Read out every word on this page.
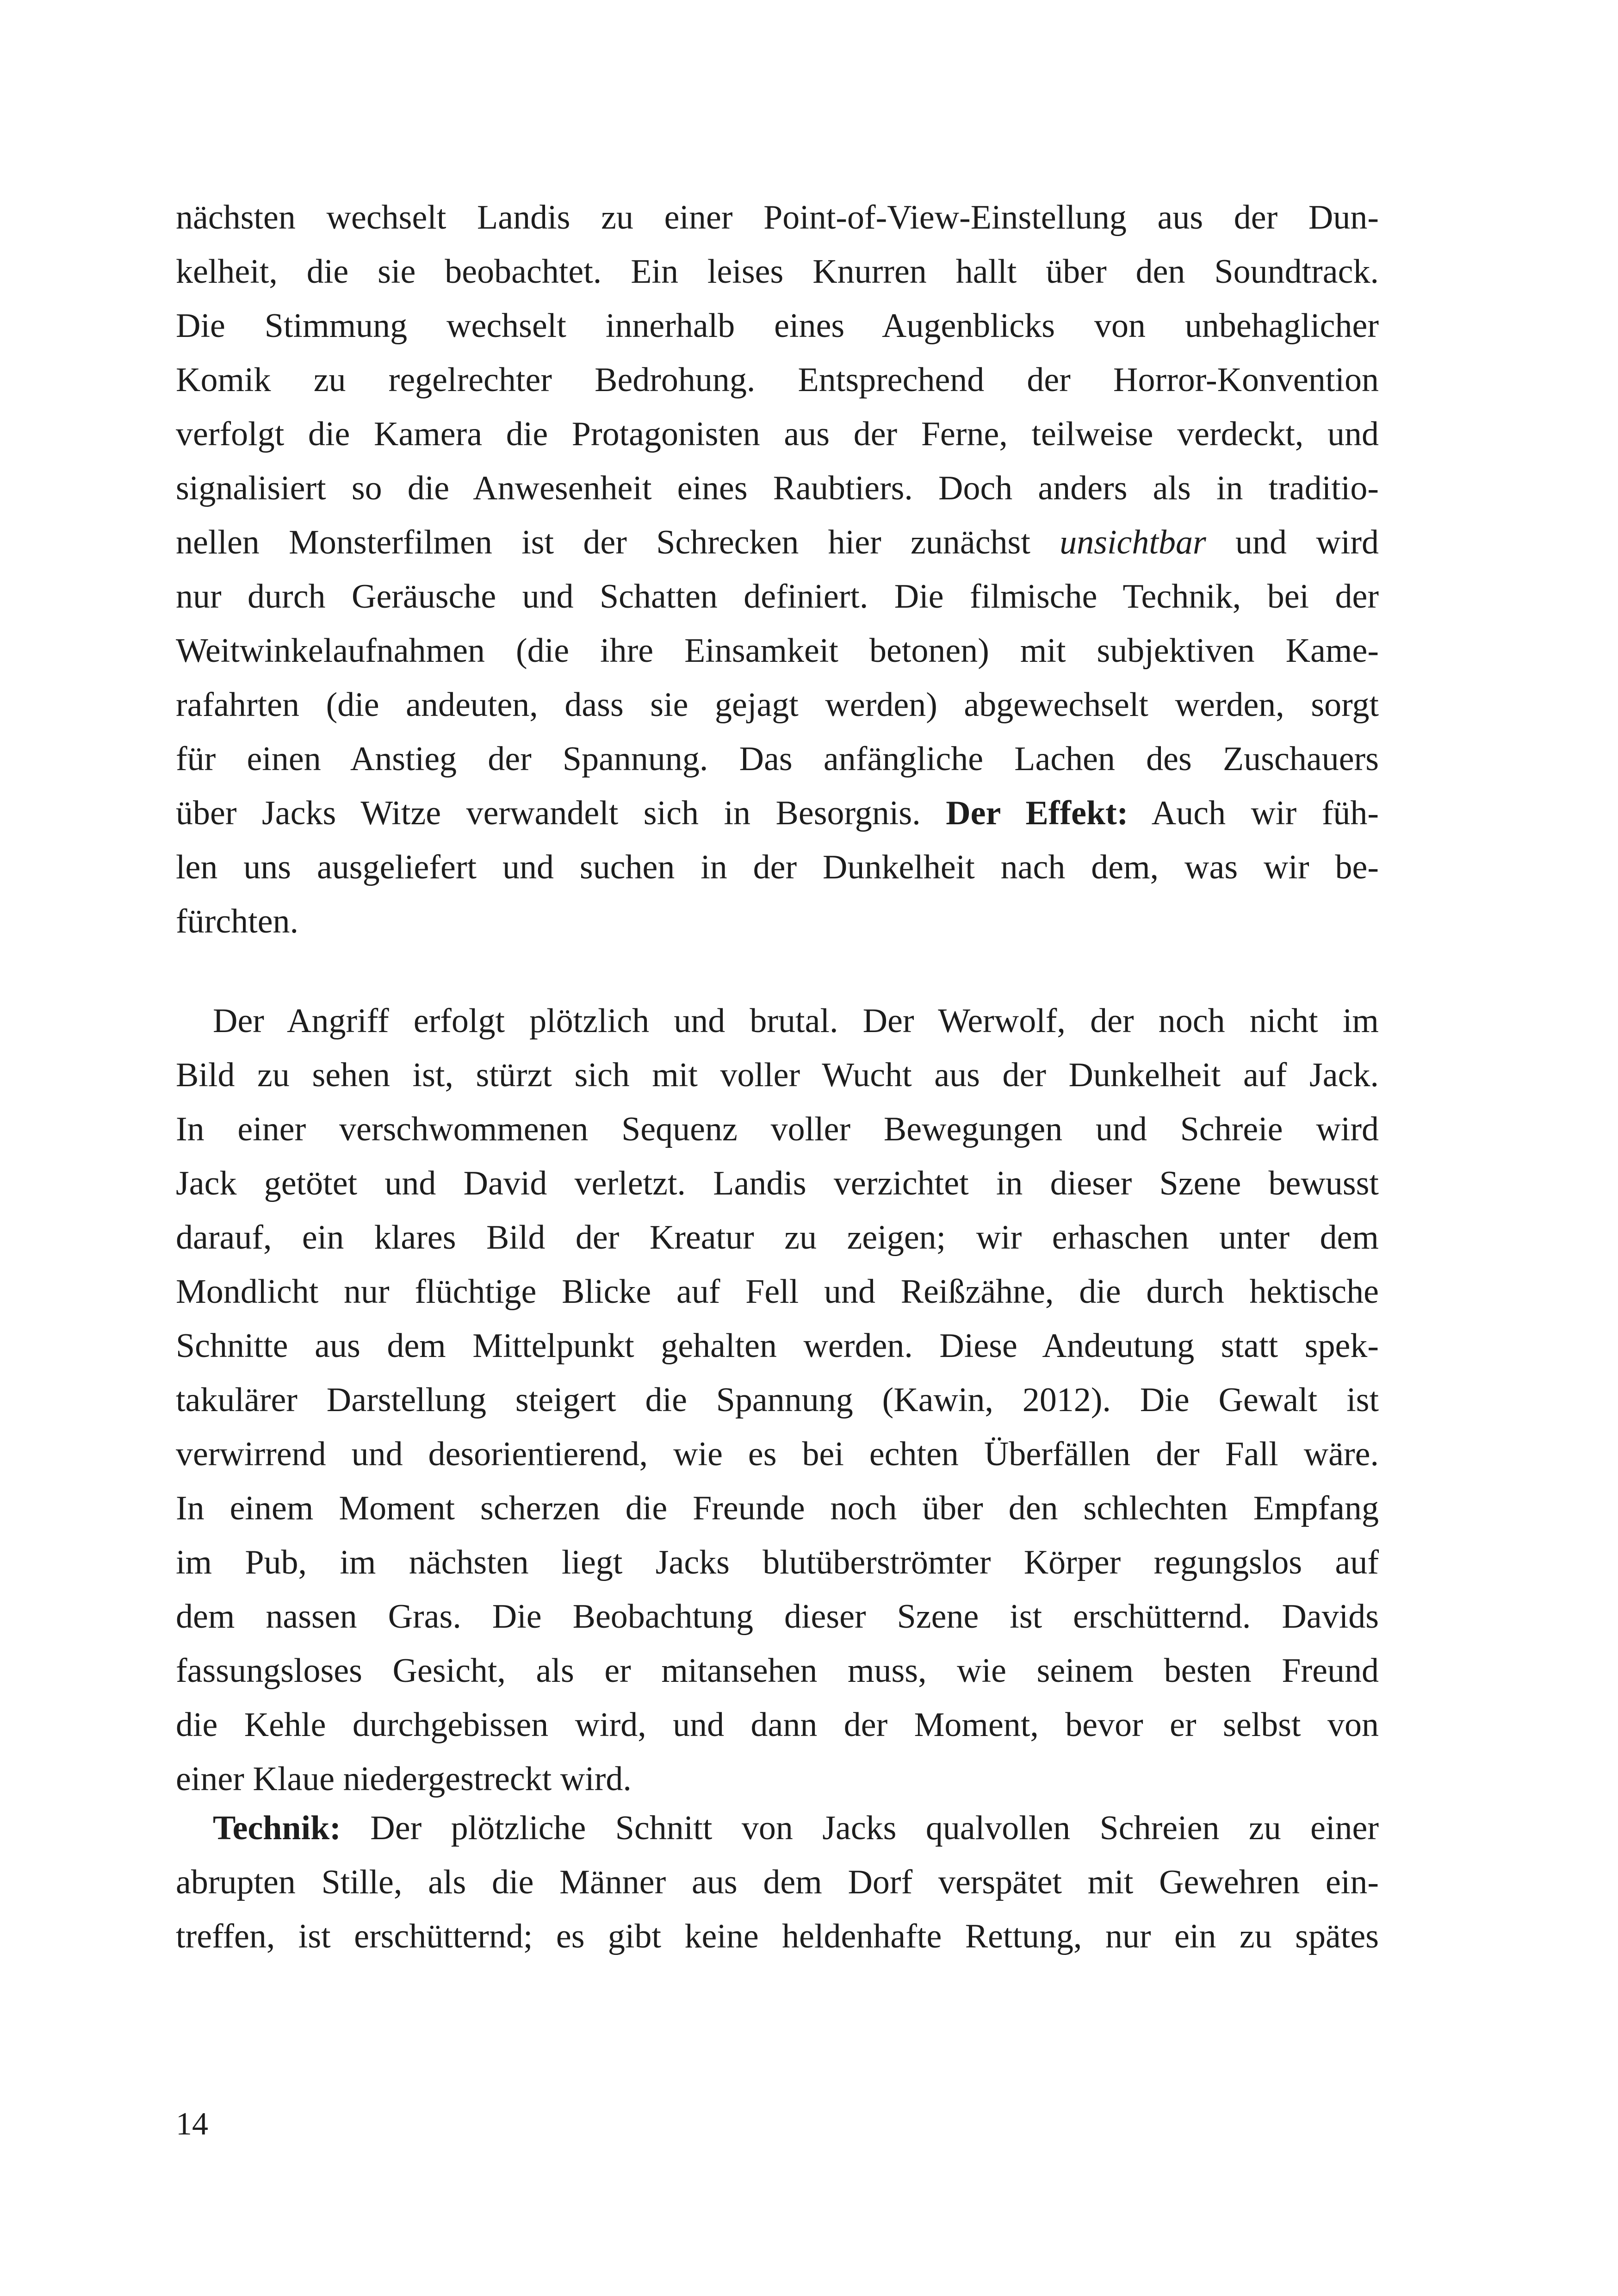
nächsten wechselt Landis zu einer Point-of-View-Einstellung aus der Dun-
kelheit, die sie beobachtet. Ein leises Knurren hallt über den Soundtrack.
Die Stimmung wechselt innerhalb eines Augenblicks von unbehaglicher
Komik zu regelrechter Bedrohung. Entsprechend der Horror-Konvention
verfolgt die Kamera die Protagonisten aus der Ferne, teilweise verdeckt, und
signalisiert so die Anwesenheit eines Raubtiers. Doch anders als in traditio-
nellen Monsterfilmen ist der Schrecken hier zunächst unsichtbar und wird
nur durch Geräusche und Schatten definiert. Die filmische Technik, bei der
Weitwinkelaufnahmen (die ihre Einsamkeit betonen) mit subjektiven Kame-
rafahrten (die andeuten, dass sie gejagt werden) abgewechselt werden, sorgt
für einen Anstieg der Spannung. Das anfängliche Lachen des Zuschauers
über Jacks Witze verwandelt sich in Besorgnis. Der Effekt: Auch wir füh-
len uns ausgeliefert und suchen in der Dunkelheit nach dem, was wir be-
fürchten.
Der Angriff erfolgt plötzlich und brutal. Der Werwolf, der noch nicht im
Bild zu sehen ist, stürzt sich mit voller Wucht aus der Dunkelheit auf Jack.
In einer verschwommenen Sequenz voller Bewegungen und Schreie wird
Jack getötet und David verletzt. Landis verzichtet in dieser Szene bewusst
darauf, ein klares Bild der Kreatur zu zeigen; wir erhaschen unter dem
Mondlicht nur flüchtige Blicke auf Fell und Reißzähne, die durch hektische
Schnitte aus dem Mittelpunkt gehalten werden. Diese Andeutung statt spek-
takulärer Darstellung steigert die Spannung (Kawin, 2012). Die Gewalt ist
verwirrend und desorientierend, wie es bei echten Überfällen der Fall wäre.
In einem Moment scherzen die Freunde noch über den schlechten Empfang
im Pub, im nächsten liegt Jacks blutüberströmter Körper regungslos auf
dem nassen Gras. Die Beobachtung dieser Szene ist erschütternd. Davids
fassungsloses Gesicht, als er mitansehen muss, wie seinem besten Freund
die Kehle durchgebissen wird, und dann der Moment, bevor er selbst von
einer Klaue niedergestreckt wird.
Technik: Der plötzliche Schnitt von Jacks qualvollen Schreien zu einer
abrupten Stille, als die Männer aus dem Dorf verspätet mit Gewehren ein-
treffen, ist erschütternd; es gibt keine heldenhafte Rettung, nur ein zu spätes
14
